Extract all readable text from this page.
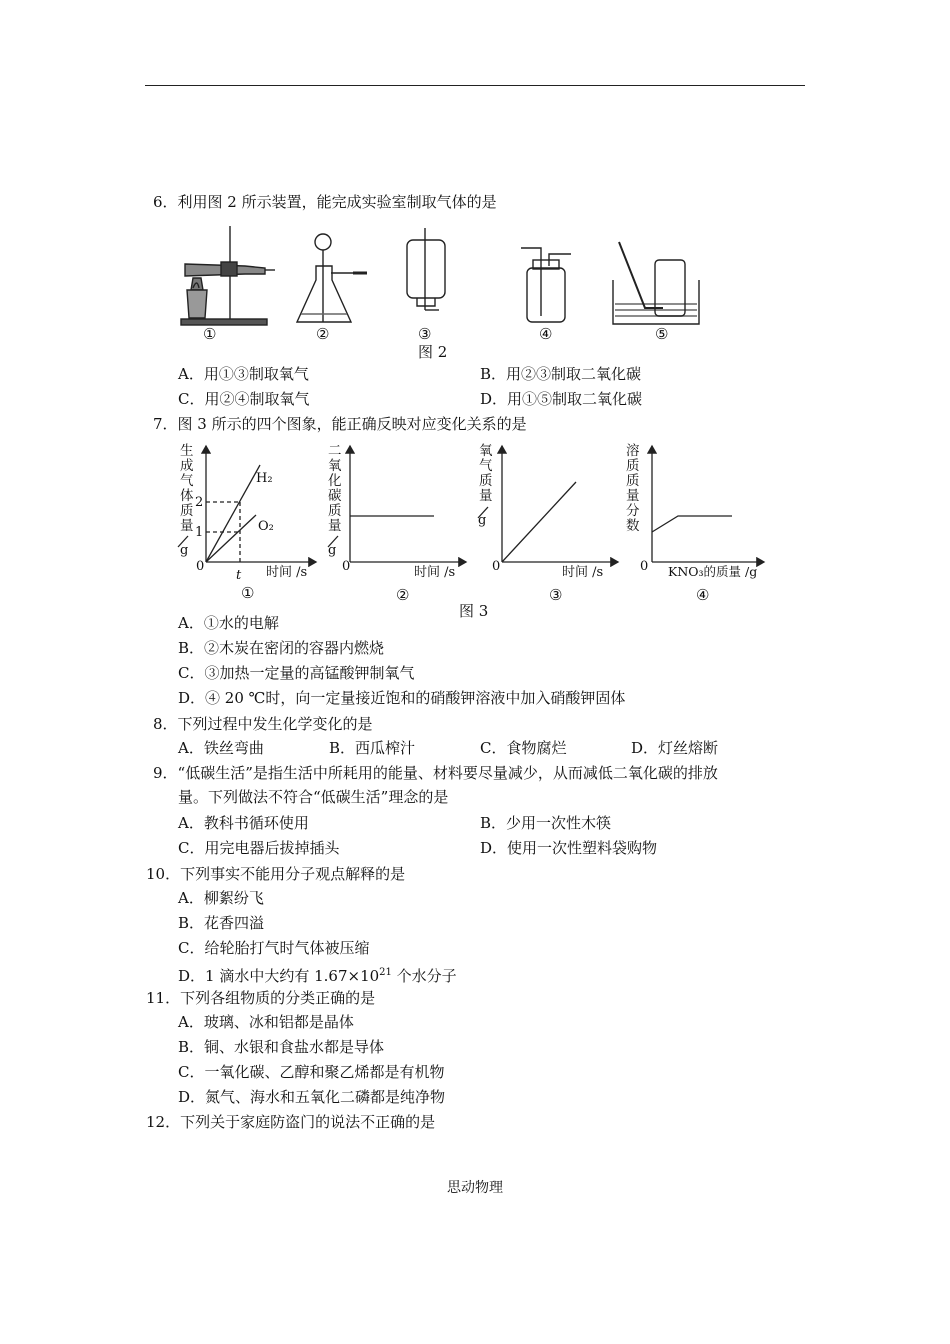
6．利用图 2 所示装置，能完成实验室制取气体的是
①	②	③	④	⑤
图 2
A．用①③制取氧气	B．用②③制取二氧化碳
C．用②④制取氧气	D．用①⑤制取二氧化碳
7．图 3 所示的四个图象，能正确反映对应变化关系的是
H₂
O₂
2
1
t
0	时间 /s
g
0	时间 /s
g
0	时间 /s
g
0 KNO₃的质量 /g
生成气体质量
二氧化碳质量
氧气质量
溶质质量分数
①	②	③	④
图 3
A．①水的电解
B．②木炭在密闭的容器内燃烧
C．③加热一定量的高锰酸钾制氧气
D．④ 20 ℃时，向一定量接近饱和的硝酸钾溶液中加入硝酸钾固体
8．下列过程中发生化学变化的是
A．铁丝弯曲	B．西瓜榨汁	C．食物腐烂	D．灯丝熔断
9．“低碳生活”是指生活中所耗用的能量、材料要尽量减少，从而减低二氧化碳的排放
量。下列做法不符合“低碳生活”理念的是
A．教科书循环使用	B．少用一次性木筷
C．用完电器后拔掉插头	D．使用一次性塑料袋购物
10．下列事实不能用分子观点解释的是
A．柳絮纷飞
B．花香四溢
C．给轮胎打气时气体被压缩
D．1 滴水中大约有 $1.67\times 10^{21}$ 个水分子
11．下列各组物质的分类正确的是
A．玻璃、冰和铝都是晶体
B．铜、水银和食盐水都是导体
C．一氧化碳、乙醇和聚乙烯都是有机物
D．氮气、海水和五氧化二磷都是纯净物
12．下列关于家庭防盗门的说法不正确的是
思动物理
